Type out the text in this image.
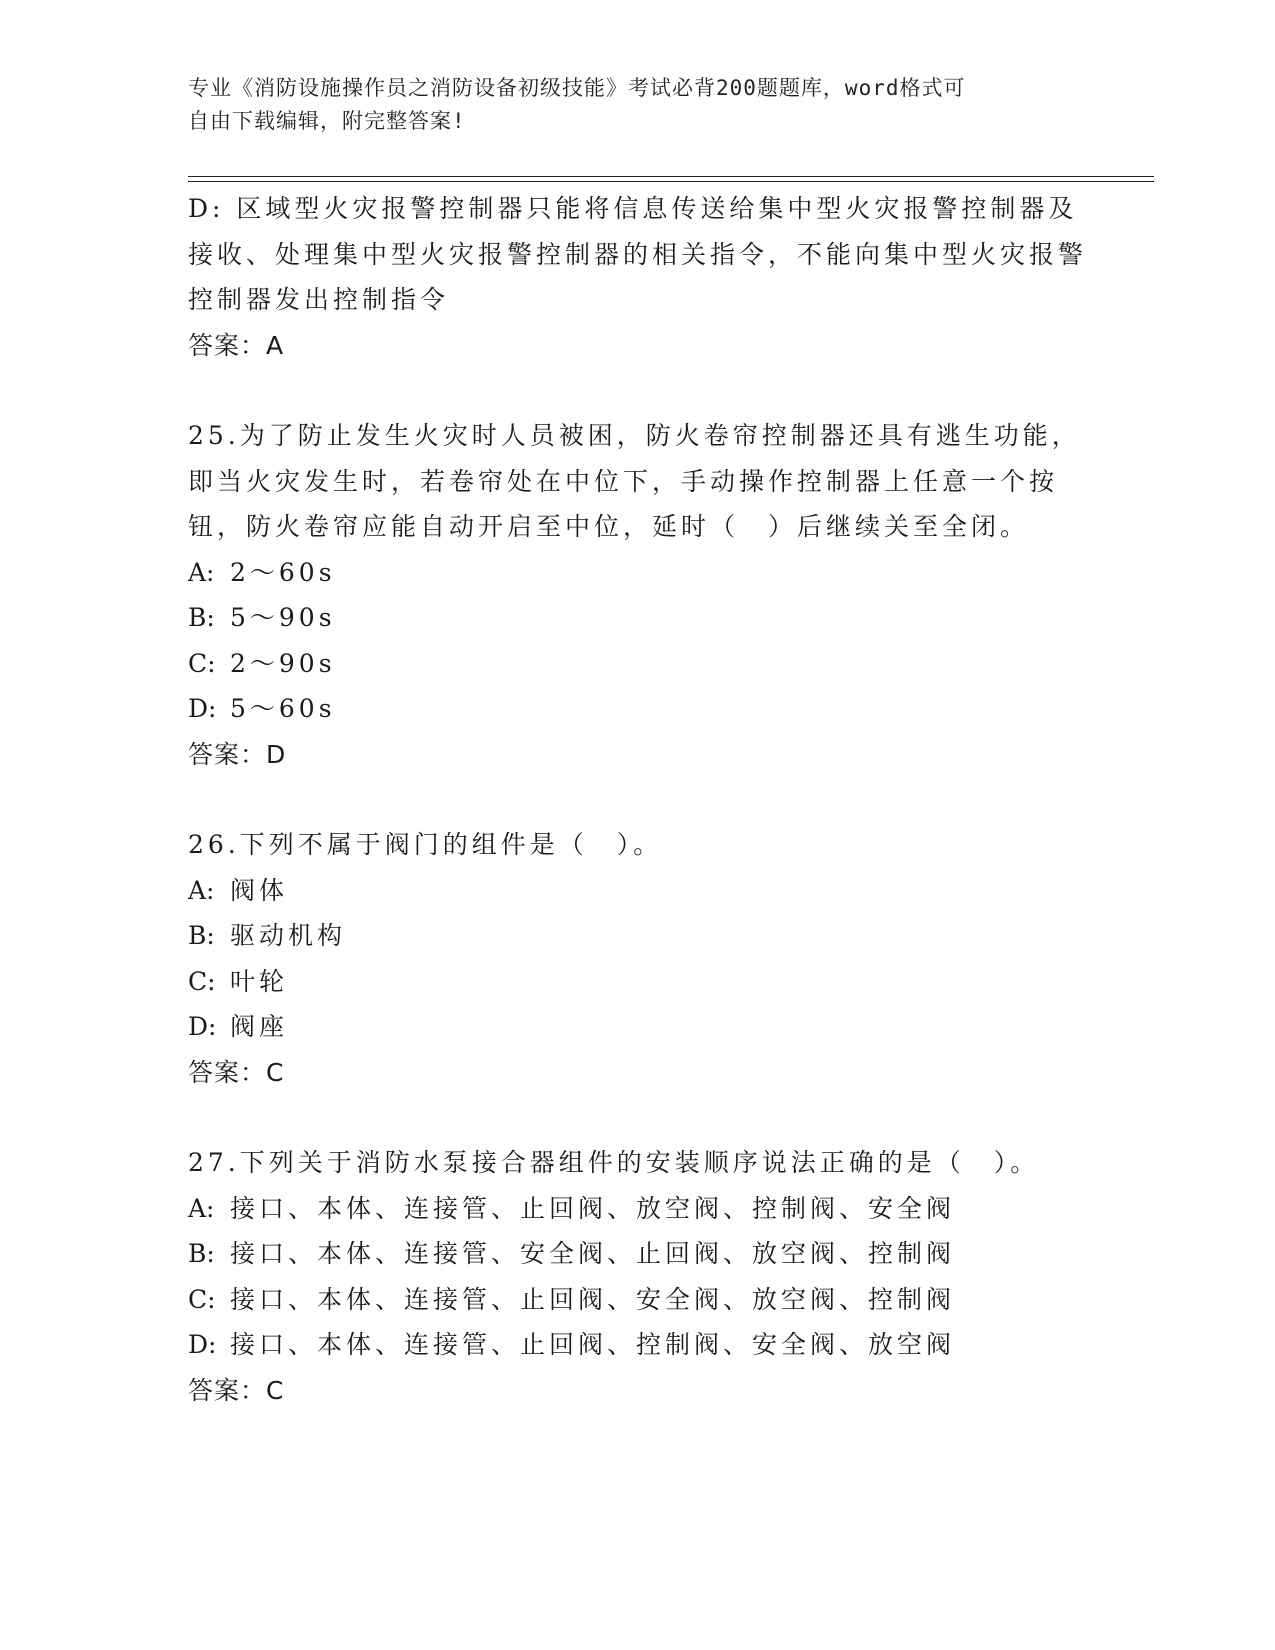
专业《消防设施操作员之消防设备初级技能》考试必背200题题库，word格式可
自由下载编辑，附完整答案!

D: 区域型火灾报警控制器只能将信息传送给集中型火灾报警控制器及接收、处理集中型火灾报警控制器的相关指令，不能向集中型火灾报警控制器发出控制指令

答案：A

25.为了防止发生火灾时人员被困，防火卷帘控制器还具有逃生功能，即当火灾发生时，若卷帘处在中位下，手动操作控制器上任意一个按钮，防火卷帘应能自动开启至中位，延时（　）后继续关至全闭。

A: 2～60s

B: 5～90s

C: 2～90s

D: 5～60s

答案：D

26.下列不属于阀门的组件是（　）。

A: 阀体

B: 驱动机构

C: 叶轮

D: 阀座

答案：C

27.下列关于消防水泵接合器组件的安装顺序说法正确的是（　）。

A: 接口、本体、连接管、止回阀、放空阀、控制阀、安全阀

B: 接口、本体、连接管、安全阀、止回阀、放空阀、控制阀

C: 接口、本体、连接管、止回阀、安全阀、放空阀、控制阀

D: 接口、本体、连接管、止回阀、控制阀、安全阀、放空阀

答案：C
